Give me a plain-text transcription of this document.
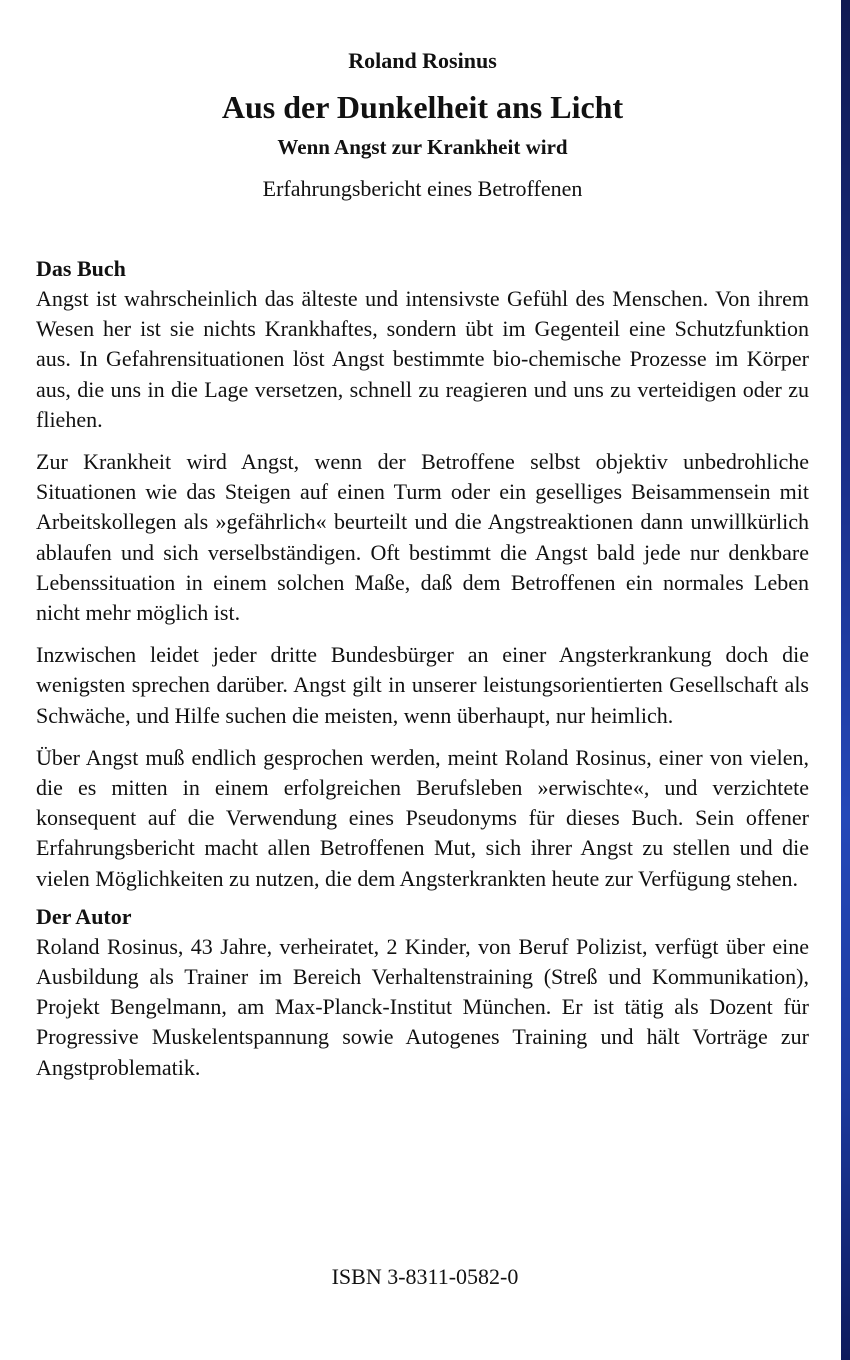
Roland Rosinus

Aus der Dunkelheit ans Licht

Wenn Angst zur Krankheit wird

Erfahrungsbericht eines Betroffenen

Das Buch

Angst ist wahrscheinlich das älteste und intensivste Gefühl des Menschen. Von ihrem Wesen her ist sie nichts Krankhaftes, sondern übt im Gegenteil eine Schutzfunktion aus. In Gefahrensituationen löst Angst bestimmte bio-chemische Prozesse im Körper aus, die uns in die Lage versetzen, schnell zu reagieren und uns zu verteidigen oder zu fliehen.

Zur Krankheit wird Angst, wenn der Betroffene selbst objektiv unbedrohliche Situationen wie das Steigen auf einen Turm oder ein geselliges Beisammensein mit Arbeitskollegen als »gefährlich« beurteilt und die Angstreaktionen dann unwillkürlich ablaufen und sich verselbständigen. Oft bestimmt die Angst bald jede nur denkbare Lebenssituation in einem solchen Maße, daß dem Betroffenen ein normales Leben nicht mehr möglich ist.

Inzwischen leidet jeder dritte Bundesbürger an einer Angsterkrankung doch die wenigsten sprechen darüber. Angst gilt in unserer leistungsorientierten Gesellschaft als Schwäche, und Hilfe suchen die meisten, wenn überhaupt, nur heimlich.

Über Angst muß endlich gesprochen werden, meint Roland Rosinus, einer von vielen, die es mitten in einem erfolgreichen Berufsleben »erwischte«, und verzichtete konsequent auf die Verwendung eines Pseudonyms für dieses Buch. Sein offener Erfahrungsbericht macht allen Betroffenen Mut, sich ihrer Angst zu stellen und die vielen Möglichkeiten zu nutzen, die dem Angsterkrankten heute zur Verfügung stehen.

Der Autor

Roland Rosinus, 43 Jahre, verheiratet, 2 Kinder, von Beruf Polizist, verfügt über eine Ausbildung als Trainer im Bereich Verhaltenstraining (Streß und Kommunikation), Projekt Bengelmann, am Max-Planck-Institut München. Er ist tätig als Dozent für Progressive Muskelentspannung sowie Autogenes Training und hält Vorträge zur Angstproblematik.

ISBN 3-8311-0582-0
